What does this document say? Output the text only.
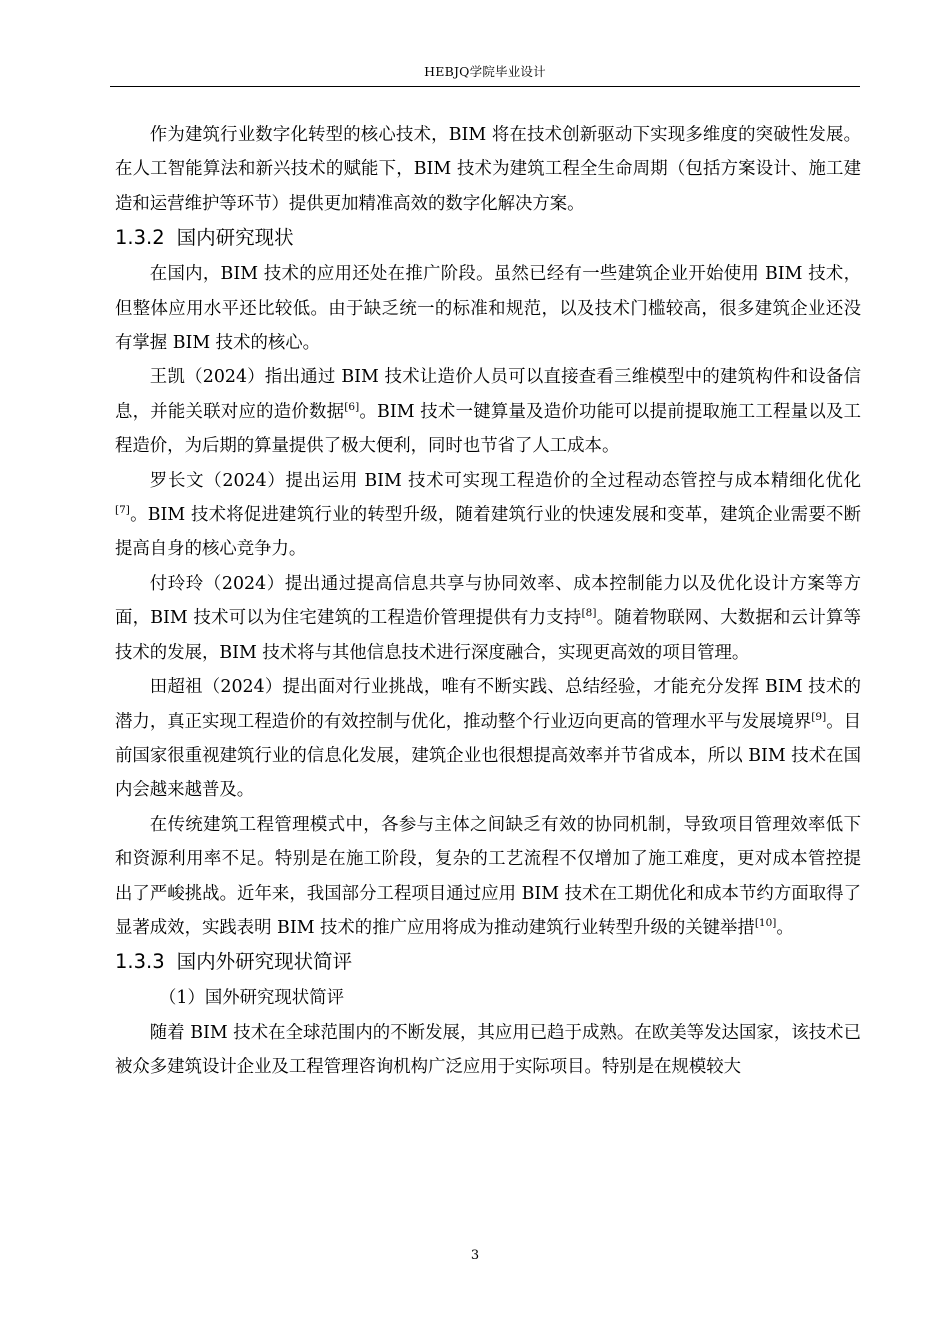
HEBJQ学院毕业设计

作为建筑行业数字化转型的核心技术，BIM 将在技术创新驱动下实现多维度的突破性发展。在人工智能算法和新兴技术的赋能下，BIM 技术为建筑工程全生命周期（包括方案设计、施工建造和运营维护等环节）提供更加精准高效的数字化解决方案。

1.3.2 国内研究现状

在国内，BIM 技术的应用还处在推广阶段。虽然已经有一些建筑企业开始使用 BIM 技术，但整体应用水平还比较低。由于缺乏统一的标准和规范，以及技术门槛较高，很多建筑企业还没有掌握 BIM 技术的核心。

王凯（2024）指出通过 BIM 技术让造价人员可以直接查看三维模型中的建筑构件和设备信息，并能关联对应的造价数据[6]。BIM 技术一键算量及造价功能可以提前提取施工工程量以及工程造价，为后期的算量提供了极大便利，同时也节省了人工成本。

罗长文（2024）提出运用 BIM 技术可实现工程造价的全过程动态管控与成本精细化优化[7]。BIM 技术将促进建筑行业的转型升级，随着建筑行业的快速发展和变革，建筑企业需要不断提高自身的核心竞争力。

付玲玲（2024）提出通过提高信息共享与协同效率、成本控制能力以及优化设计方案等方面，BIM 技术可以为住宅建筑的工程造价管理提供有力支持[8]。随着物联网、大数据和云计算等技术的发展，BIM 技术将与其他信息技术进行深度融合，实现更高效的项目管理。

田超祖（2024）提出面对行业挑战，唯有不断实践、总结经验，才能充分发挥 BIM 技术的潜力，真正实现工程造价的有效控制与优化，推动整个行业迈向更高的管理水平与发展境界[9]。目前国家很重视建筑行业的信息化发展，建筑企业也很想提高效率并节省成本，所以 BIM 技术在国内会越来越普及。

在传统建筑工程管理模式中，各参与主体之间缺乏有效的协同机制，导致项目管理效率低下和资源利用率不足。特别是在施工阶段，复杂的工艺流程不仅增加了施工难度，更对成本管控提出了严峻挑战。近年来，我国部分工程项目通过应用 BIM 技术在工期优化和成本节约方面取得了显著成效，实践表明 BIM 技术的推广应用将成为推动建筑行业转型升级的关键举措[10]。

1.3.3 国内外研究现状简评

（1）国外研究现状简评

随着 BIM 技术在全球范围内的不断发展，其应用已趋于成熟。在欧美等发达国家，该技术已被众多建筑设计企业及工程管理咨询机构广泛应用于实际项目。特别是在规模较大

3
